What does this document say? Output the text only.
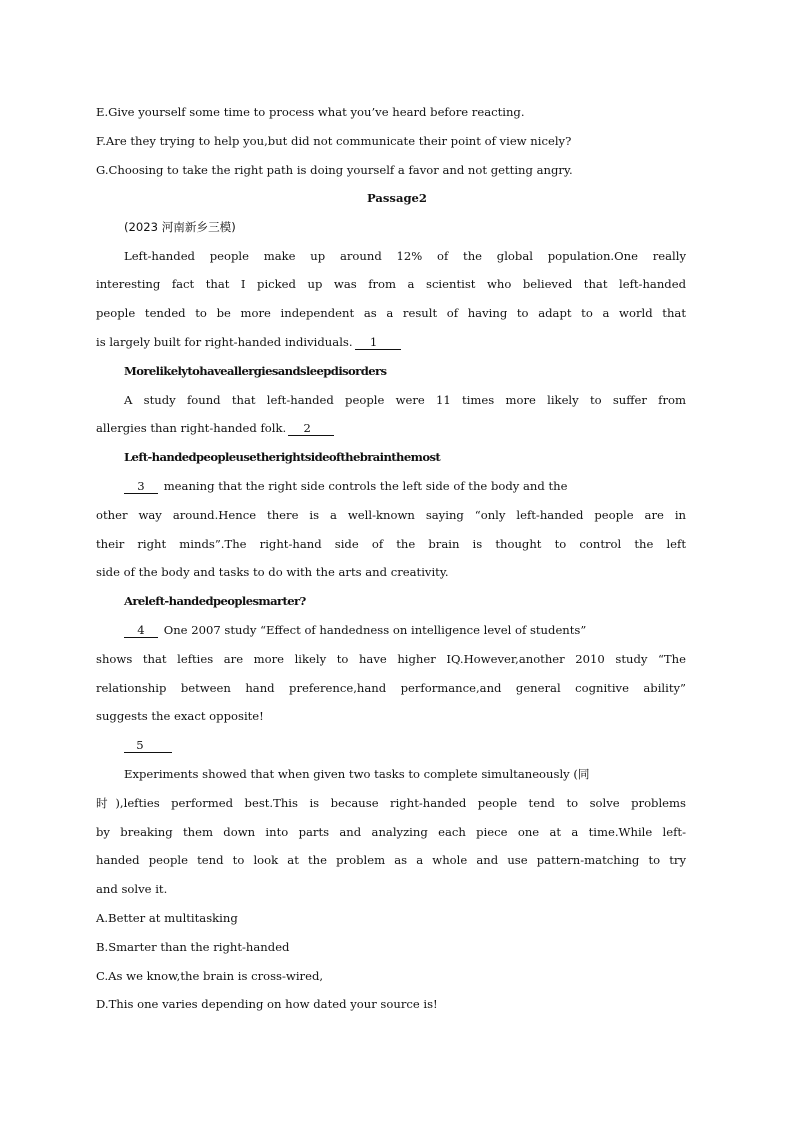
E.Give yourself some time to process what you’ve heard before reacting.
F.Are they trying to help you,but did not communicate their point of view nicely?
G.Choosing to take the right path is doing yourself a favor and not getting angry.
Passage2
(2023 河南新乡三模)
Left-handed people make up around 12% of the global population.One really
interesting fact that I picked up was from a scientist who believed that left-handed
people tended to be more independent as a result of having to adapt to a world that
is largely built for right-handed individuals.	1
Morelikelytohaveallergiesandsleepdisorders
A study found that left-handed people were 11 times more likely to suffer from
allergies than right-handed folk.	2
Left-handedpeopleusetherightsideofthebrainthemost
3	meaning that the right side controls the left side of the body and the
other way around.Hence there is a well-known saying “only left-handed people are in
their right minds”.The right-hand side of the brain is thought to control the left
side of the body and tasks to do with the arts and creativity.
Areleft-handedpeoplesmarter?
4	One 2007 study “Effect of handedness on intelligence level of students”
shows that lefties are more likely to have higher IQ.However,another 2010 study “The
relationship between hand preference,hand performance,and general cognitive ability”
suggests the exact opposite!
5
Experiments showed that when given two tasks to complete simultaneously (同
时),lefties performed best.This is because right-handed people tend to solve problems
by breaking them down into parts and analyzing each piece one at a time.While left-
handed people tend to look at the problem as a whole and use pattern-matching to try
and solve it.
A.Better at multitasking
B.Smarter than the right-handed
C.As we know,the brain is cross-wired,
D.This one varies depending on how dated your source is!
